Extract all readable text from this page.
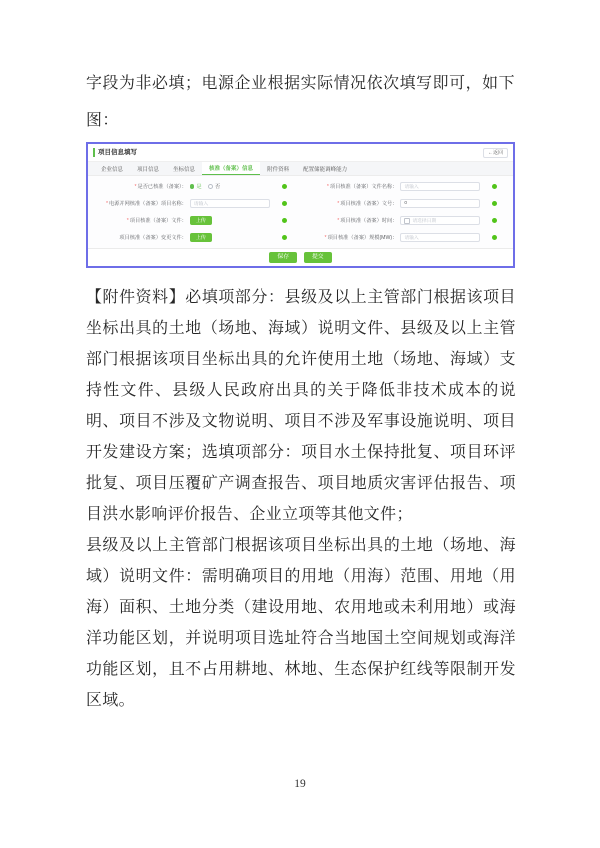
字段为非必填；电源企业根据实际情况依次填写即可，如下图：

项目信息填写	←返回
企业信息	项目信息	坐标信息	核准（备案）信息	附件资料	配置储能调峰能力
*是否已核准（备案）： 是	否	*项目核准（备案）文件名称：	请输入
*电源并网核准（备案）项目名称：	请输入	*项目核准（备案）文号：	0
*项目核准（备案）文件：	上传	*项目核准（备案）时间：	请选择日期
项目核准（备案）变更文件：	上传	*项目核准（备案）规模(MW)：	请输入
保存	提交

【附件资料】必填项部分：县级及以上主管部门根据该项目坐标出具的土地（场地、海域）说明文件、县级及以上主管部门根据该项目坐标出具的允许使用土地（场地、海域）支持性文件、县级人民政府出具的关于降低非技术成本的说明、项目不涉及文物说明、项目不涉及军事设施说明、项目开发建设方案；选填项部分：项目水土保持批复、项目环评批复、项目压覆矿产调查报告、项目地质灾害评估报告、项目洪水影响评价报告、企业立项等其他文件；

县级及以上主管部门根据该项目坐标出具的土地（场地、海域）说明文件：需明确项目的用地（用海）范围、用地（用海）面积、土地分类（建设用地、农用地或未利用地）或海洋功能区划，并说明项目选址符合当地国土空间规划或海洋功能区划，且不占用耕地、林地、生态保护红线等限制开发区域。

19
